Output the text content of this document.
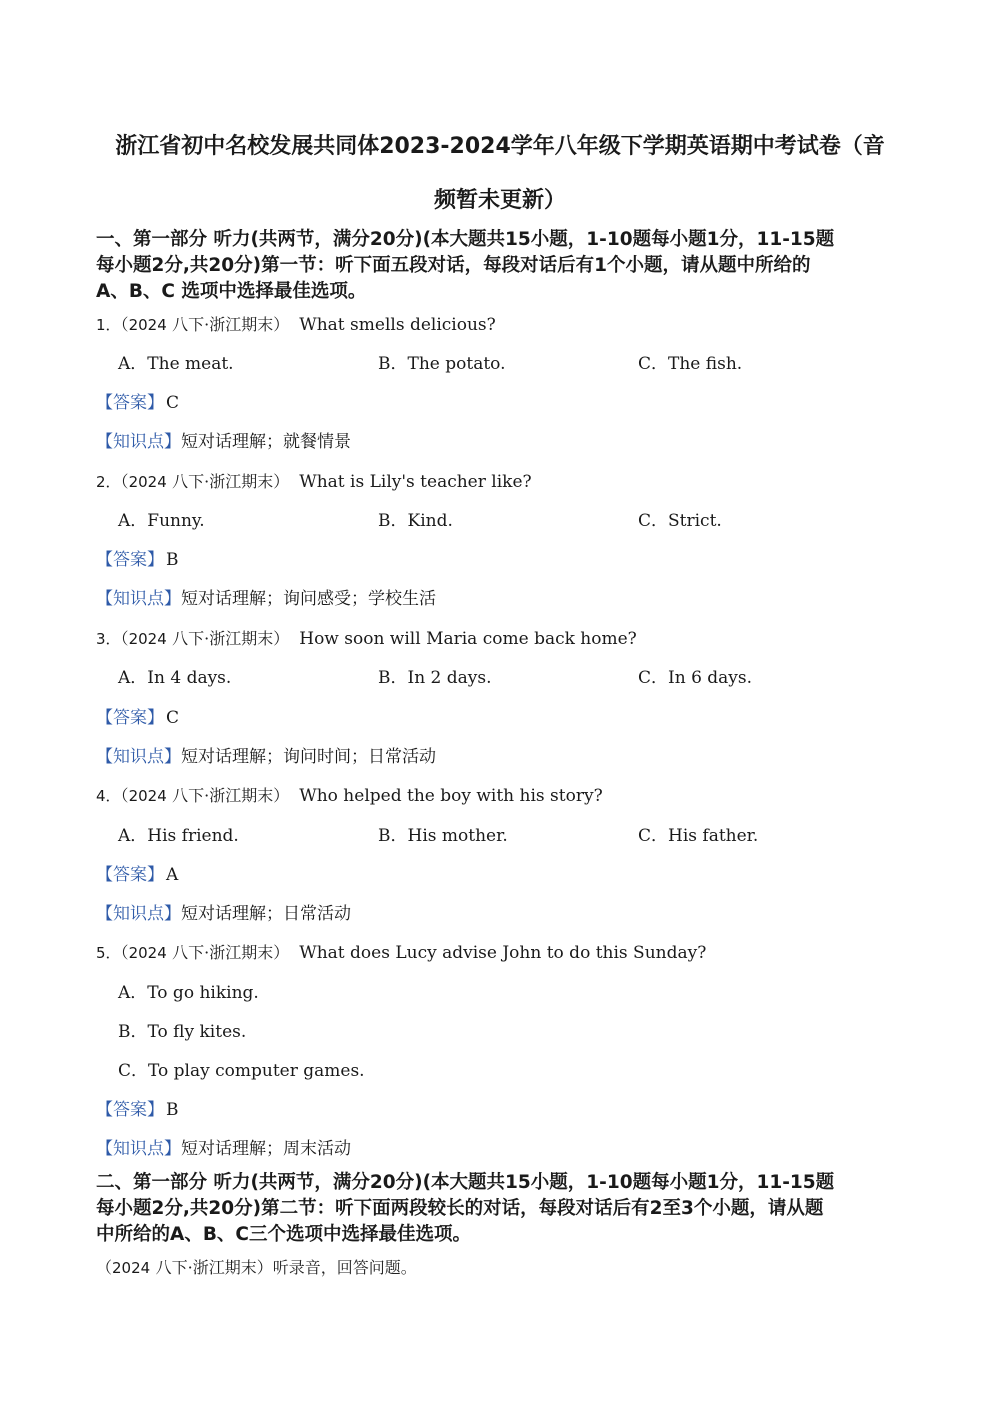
浙江省初中名校发展共同体2023-2024学年八年级下学期英语期中考试卷（音
频暂未更新）
一、第一部分 听力(共两节，满分20分)(本大题共15小题，1-10题每小题1分，11-15题
每小题2分,共20分)第一节：听下面五段对话，每段对话后有1个小题，请从题中所给的
A、B、C 选项中选择最佳选项。
1．（2024 八下·浙江期末） What smells delicious?
A．The meat.	B．The potato.	C．The fish.
【答案】 C
【知识点】短对话理解；就餐情景
2．（2024 八下·浙江期末） What is Lily's teacher like?
A．Funny.	B．Kind.	C．Strict.
【答案】 B
【知识点】短对话理解；询问感受；学校生活
3．（2024 八下·浙江期末） How soon will Maria come back home?
A．In 4 days.	B．In 2 days.	C．In 6 days.
【答案】 C
【知识点】短对话理解；询问时间；日常活动
4．（2024 八下·浙江期末） Who helped the boy with his story?
A．His friend.	B．His mother.	C．His father.
【答案】 A
【知识点】短对话理解；日常活动
5．（2024 八下·浙江期末） What does Lucy advise John to do this Sunday?
A．To go hiking.
B．To fly kites.
C．To play computer games.
【答案】 B
【知识点】短对话理解；周末活动
二、第一部分 听力(共两节，满分20分)(本大题共15小题，1-10题每小题1分，11-15题
每小题2分,共20分)第二节：听下面两段较长的对话，每段对话后有2至3个小题，请从题
中所给的A、B、C三个选项中选择最佳选项。
（2024 八下·浙江期末）听录音，回答问题。
